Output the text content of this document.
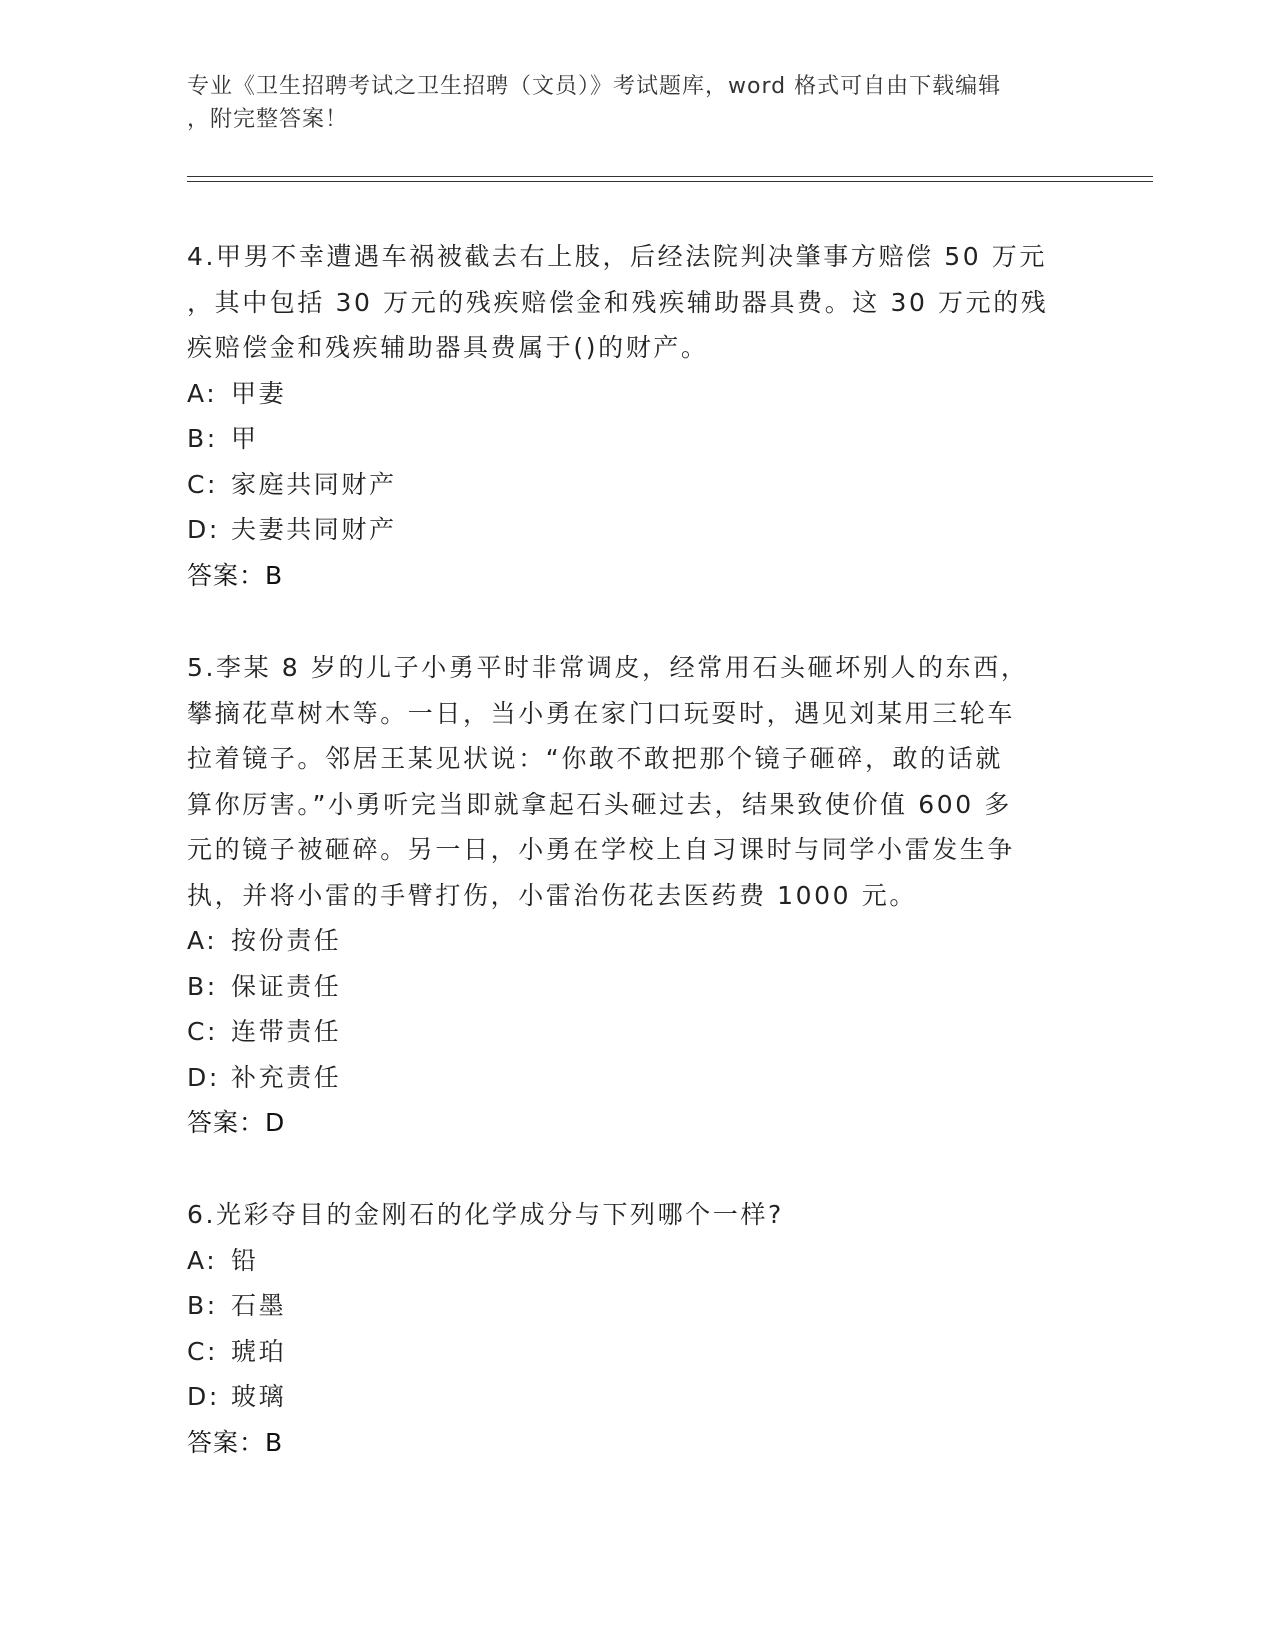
专业《卫生招聘考试之卫生招聘（文员）》考试题库，word 格式可自由下载编辑
，附完整答案！

4.甲男不幸遭遇车祸被截去右上肢，后经法院判决肇事方赔偿 50 万元

，其中包括 30 万元的残疾赔偿金和残疾辅助器具费。这 30 万元的残

疾赔偿金和残疾辅助器具费属于()的财产。

A: 甲妻

B: 甲

C: 家庭共同财产

D: 夫妻共同财产

答案：B

5.李某 8 岁的儿子小勇平时非常调皮，经常用石头砸坏别人的东西，

攀摘花草树木等。一日，当小勇在家门口玩耍时，遇见刘某用三轮车

拉着镜子。邻居王某见状说：“你敢不敢把那个镜子砸碎，敢的话就

算你厉害。”小勇听完当即就拿起石头砸过去，结果致使价值 600 多

元的镜子被砸碎。另一日，小勇在学校上自习课时与同学小雷发生争

执，并将小雷的手臂打伤，小雷治伤花去医药费 1000 元。

A: 按份责任

B: 保证责任

C: 连带责任

D: 补充责任

答案：D

6.光彩夺目的金刚石的化学成分与下列哪个一样?

A: 铅

B: 石墨

C: 琥珀

D: 玻璃

答案：B
